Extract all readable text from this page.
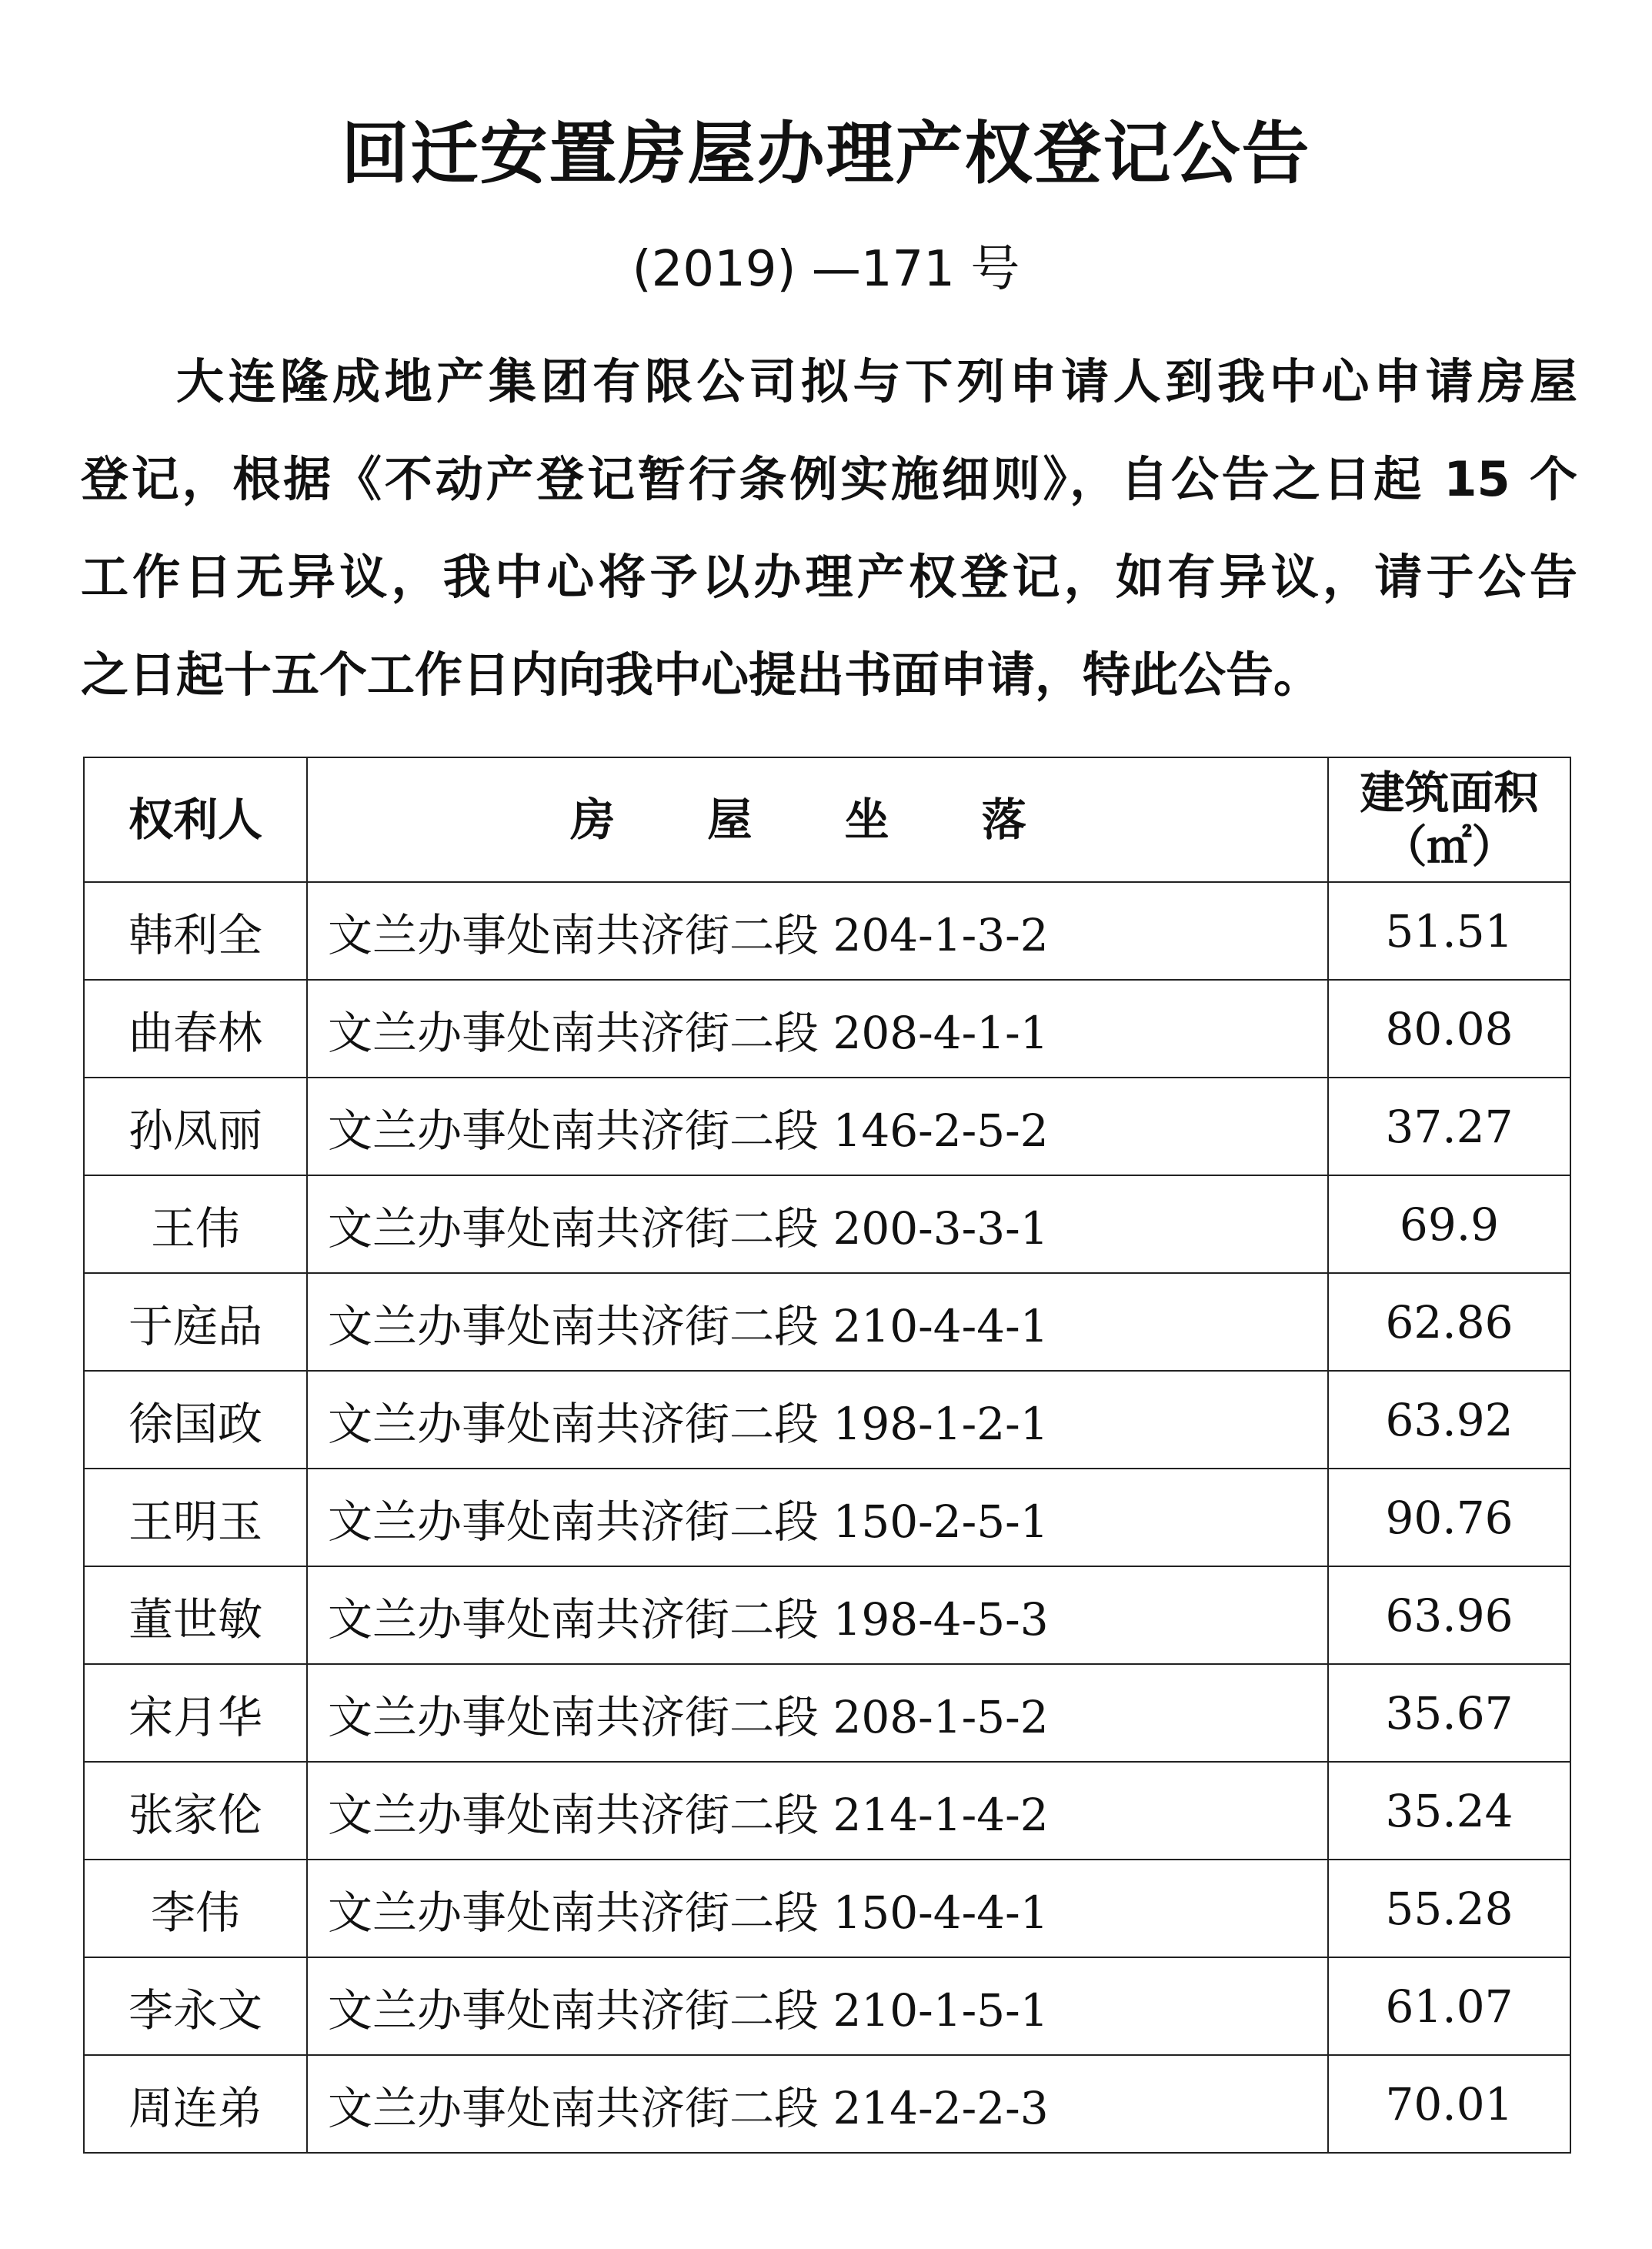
回迁安置房屋办理产权登记公告
(2019) —171 号
大连隆成地产集团有限公司拟与下列申请人到我中心申请房屋
登记，根据《不动产登记暂行条例实施细则》，自公告之日起 15 个
工作日无异议，我中心将予以办理产权登记，如有异议，请于公告
之日起十五个工作日内向我中心提出书面申请，特此公告。
权利人	房 屋 坐 落	建筑面积
（㎡）

韩利全	文兰办事处南共济街二段 204-1-3-2	51.51
曲春林	文兰办事处南共济街二段 208-4-1-1	80.08
孙凤丽	文兰办事处南共济街二段 146-2-5-2	37.27
王伟	文兰办事处南共济街二段 200-3-3-1	69.9
于庭品	文兰办事处南共济街二段 210-4-4-1	62.86
徐国政	文兰办事处南共济街二段 198-1-2-1	63.92
王明玉	文兰办事处南共济街二段 150-2-5-1	90.76
董世敏	文兰办事处南共济街二段 198-4-5-3	63.96
宋月华	文兰办事处南共济街二段 208-1-5-2	35.67
张家伦	文兰办事处南共济街二段 214-1-4-2	35.24
李伟	文兰办事处南共济街二段 150-4-4-1	55.28
李永文	文兰办事处南共济街二段 210-1-5-1	61.07
周连弟	文兰办事处南共济街二段 214-2-2-3	70.01
